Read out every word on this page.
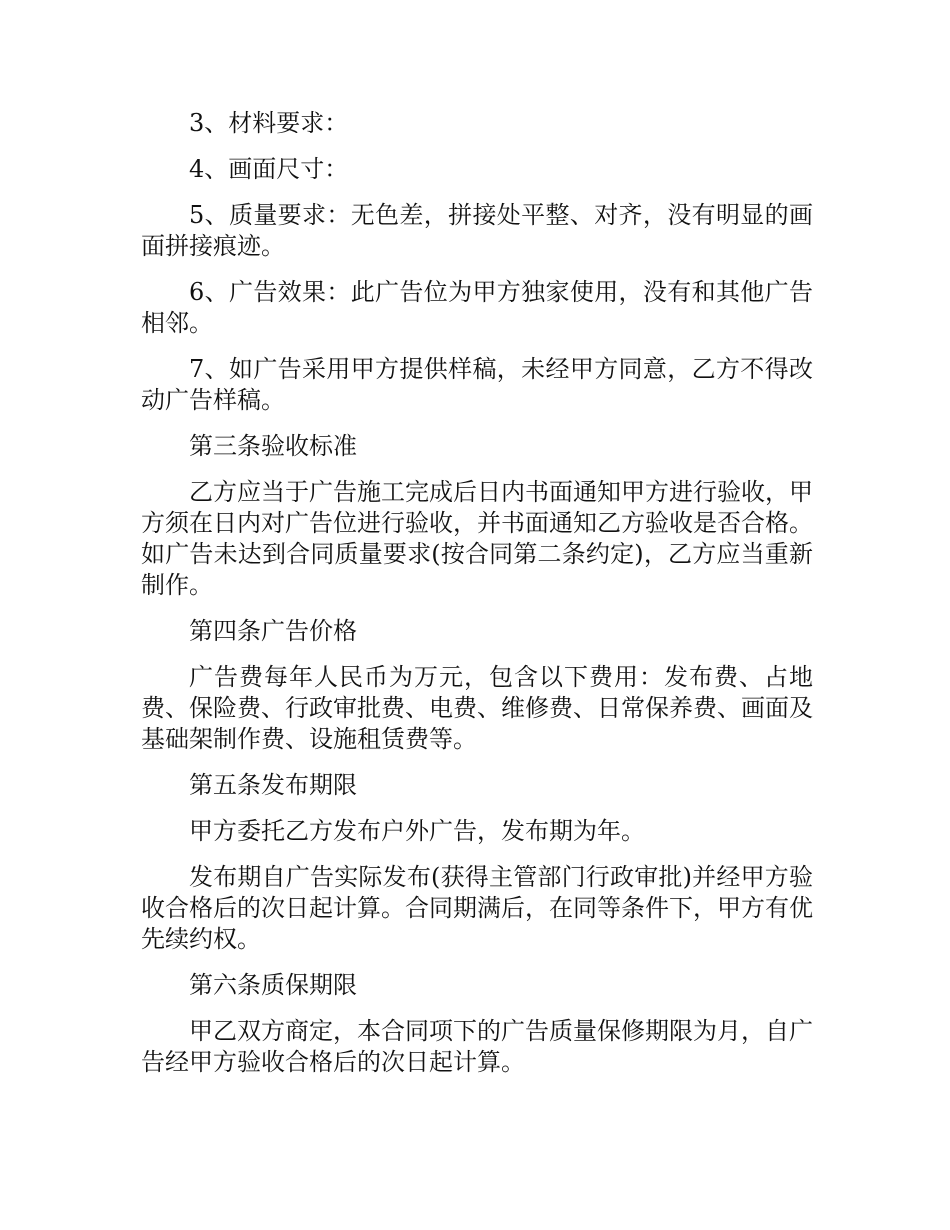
3、材料要求：

4、画面尺寸：

5、质量要求：无色差，拼接处平整、对齐，没有明显的画面拼接痕迹。

6、广告效果：此广告位为甲方独家使用，没有和其他广告相邻。

7、如广告采用甲方提供样稿，未经甲方同意，乙方不得改动广告样稿。

第三条验收标准

乙方应当于广告施工完成后日内书面通知甲方进行验收，甲方须在日内对广告位进行验收，并书面通知乙方验收是否合格。如广告未达到合同质量要求(按合同第二条约定)，乙方应当重新制作。

第四条广告价格

广告费每年人民币为万元，包含以下费用：发布费、占地费、保险费、行政审批费、电费、维修费、日常保养费、画面及基础架制作费、设施租赁费等。

第五条发布期限

甲方委托乙方发布户外广告，发布期为年。

发布期自广告实际发布(获得主管部门行政审批)并经甲方验收合格后的次日起计算。合同期满后，在同等条件下，甲方有优先续约权。

第六条质保期限

甲乙双方商定，本合同项下的广告质量保修期限为月，自广告经甲方验收合格后的次日起计算。
